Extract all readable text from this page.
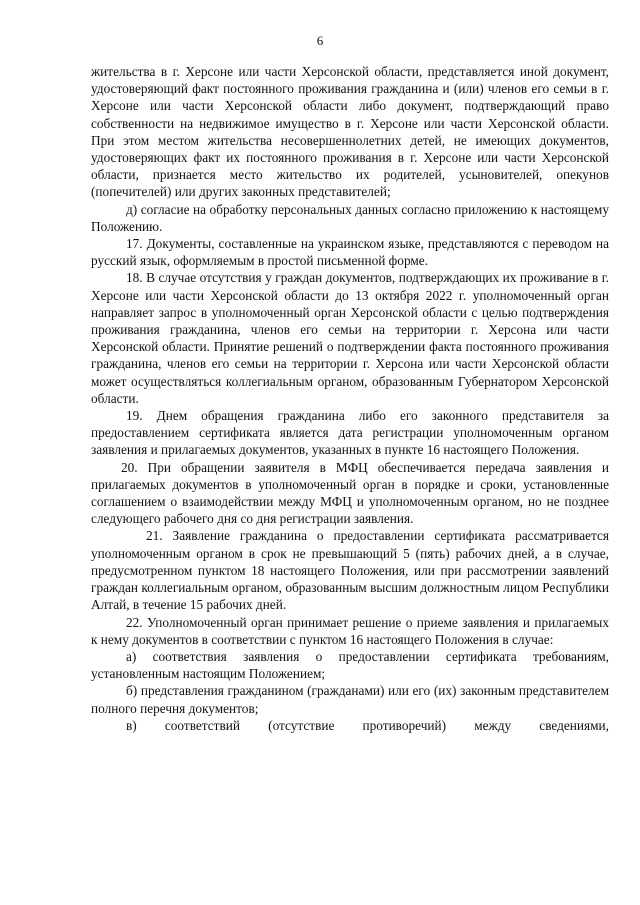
6

жительства в г. Херсоне или части Херсонской области, представляется иной документ, удостоверяющий факт постоянного проживания гражданина и (или) членов его семьи в г. Херсоне или части Херсонской области либо документ, подтверждающий право собственности на недвижимое имущество в г. Херсоне или части Херсонской области. При этом местом жительства несовершеннолетних детей, не имеющих документов, удостоверяющих факт их постоянного проживания в г. Херсоне или части Херсонской области, признается место жительство их родителей, усыновителей, опекунов (попечителей) или других законных представителей;

д) согласие на обработку персональных данных согласно приложению к настоящему Положению.

17. Документы, составленные на украинском языке, представляются с переводом на русский язык, оформляемым в простой письменной форме.

18. В случае отсутствия у граждан документов, подтверждающих их проживание в г. Херсоне или части Херсонской области до 13 октября 2022 г. уполномоченный орган направляет запрос в уполномоченный орган Херсонской области с целью подтверждения проживания гражданина, членов его семьи на территории г. Херсона или части Херсонской области. Принятие решений о подтверждении факта постоянного проживания гражданина, членов его семьи на территории г. Херсона или части Херсонской области может осуществляться коллегиальным органом, образованным Губернатором Херсонской области.

19. Днем обращения гражданина либо его законного представителя за предоставлением сертификата является дата регистрации уполномоченным органом заявления и прилагаемых документов, указанных в пункте 16 настоящего Положения.

20. При обращении заявителя в МФЦ обеспечивается передача заявления и прилагаемых документов в уполномоченный орган в порядке и сроки, установленные соглашением о взаимодействии между МФЦ и уполномоченным органом, но не позднее следующего рабочего дня со дня регистрации заявления.

21. Заявление гражданина о предоставлении сертификата рассматривается уполномоченным органом в срок не превышающий 5 (пять) рабочих дней, а в случае, предусмотренном пунктом 18 настоящего Положения, или при рассмотрении заявлений граждан коллегиальным органом, образованным высшим должностным лицом Республики Алтай, в течение 15 рабочих дней.

22. Уполномоченный орган принимает решение о приеме заявления и прилагаемых к нему документов в соответствии с пунктом 16 настоящего Положения в случае:

а) соответствия заявления о предоставлении сертификата требованиям, установленным настоящим Положением;

б) представления гражданином (гражданами) или его (их) законным представителем полного перечня документов;

в) соответствий (отсутствие противоречий) между сведениями,
